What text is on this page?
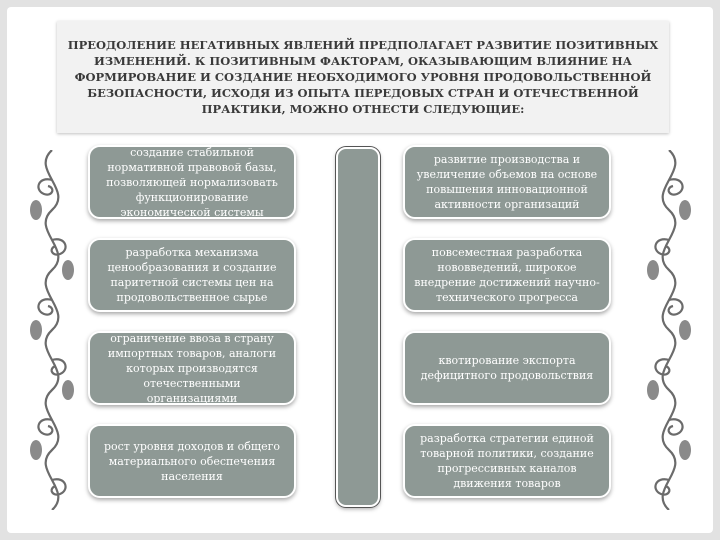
ПРЕОДОЛЕНИЕ НЕГАТИВНЫХ ЯВЛЕНИЙ ПРЕДПОЛАГАЕТ РАЗВИТИЕ ПОЗИТИВНЫХ ИЗМЕНЕНИЙ. К ПОЗИТИВНЫМ ФАКТОРАМ, ОКАЗЫВАЮЩИМ ВЛИЯНИЕ НА ФОРМИРОВАНИЕ И СОЗДАНИЕ НЕОБХОДИМОГО УРОВНЯ ПРОДОВОЛЬСТВЕННОЙ БЕЗОПАСНОСТИ, ИСХОДЯ ИЗ ОПЫТА ПЕРЕДОВЫХ СТРАН И ОТЕЧЕСТВЕННОЙ ПРАКТИКИ, МОЖНО ОТНЕСТИ СЛЕДУЮЩИЕ:

создание стабильной нормативной правовой базы, позволяющей нормализовать функционирование экономической системы
разработка механизма ценообразования и создание паритетной системы цен на продовольственное сырье
ограничение ввоза в страну импортных товаров, аналоги которых производятся отечественными организациями
рост уровня доходов и общего материального обеспечения населения
развитие производства и увеличение объемов на основе повышения инновационной активности организаций
повсеместная разработка нововведений, широкое внедрение достижений научно-технического прогресса
квотирование экспорта дефицитного продовольствия
разработка стратегии единой товарной политики, создание прогрессивных каналов движения товаров
